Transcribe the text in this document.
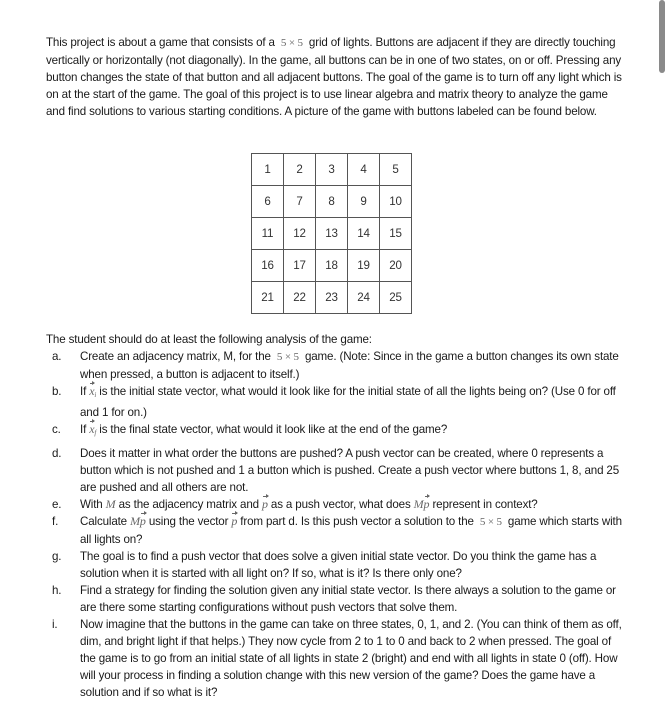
This project is about a game that consists of a 5 × 5 grid of lights. Buttons are adjacent if they are directly touching vertically or horizontally (not diagonally). In the game, all buttons can be in one of two states, on or off. Pressing any button changes the state of that button and all adjacent buttons. The goal of the game is to turn off any light which is on at the start of the game. The goal of this project is to use linear algebra and matrix theory to analyze the game and find solutions to various starting conditions. A picture of the game with buttons labeled can be found below.
1	2	3	4	5
6	7	8	9	10
11	12	13	14	15
16	17	18	19	20
21	22	23	24	25
The student should do at least the following analysis of the game:
a. Create an adjacency matrix, M, for the 5 × 5 game. (Note: Since in the game a button changes its own state when pressed, a button is adjacent to itself.)
b. If $x_i$ is the initial state vector, what would it look like for the initial state of all the lights being on? (Use 0 for off and 1 for on.)
c. If $x_f$ is the final state vector, what would it look like at the end of the game?
d. Does it matter in what order the buttons are pushed? A push vector can be created, where 0 represents a button which is not pushed and 1 a button which is pushed. Create a push vector where buttons 1, 8, and 25 are pushed and all others are not.
e. With M as the adjacency matrix and p as a push vector, what does Mp represent in context?
f. Calculate Mp using the vector p from part d. Is this push vector a solution to the 5 × 5 game which starts with all lights on?
g. The goal is to find a push vector that does solve a given initial state vector. Do you think the game has a solution when it is started with all light on? If so, what is it? Is there only one?
h. Find a strategy for finding the solution given any initial state vector. Is there always a solution to the game or are there some starting configurations without push vectors that solve them.
i. Now imagine that the buttons in the game can take on three states, 0, 1, and 2. (You can think of them as off, dim, and bright light if that helps.) They now cycle from 2 to 1 to 0 and back to 2 when pressed. The goal of the game is to go from an initial state of all lights in state 2 (bright) and end with all lights in state 0 (off). How will your process in finding a solution change with this new version of the game? Does the game have a solution and if so what is it?
